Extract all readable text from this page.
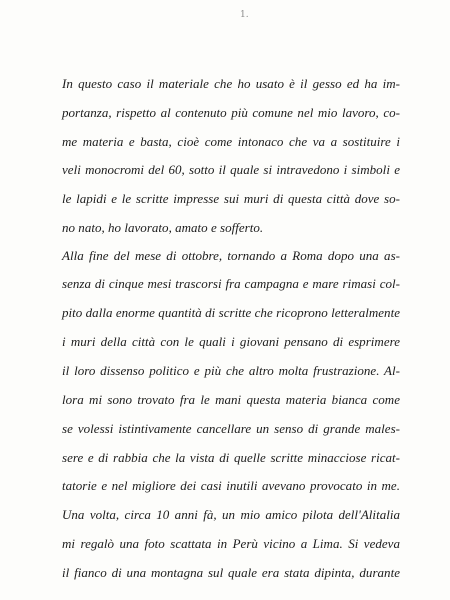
1.
In questo caso il materiale che ho usato è il gesso ed ha im-
portanza, rispetto al contenuto più comune nel mio lavoro, co-
me materia e basta, cioè come intonaco che va a sostituire i
veli monocromi del 60, sotto il quale si intravedono i simboli e
le lapidi e le scritte impresse sui muri di questa città dove so-
no nato, ho lavorato, amato e sofferto.
Alla fine del mese di ottobre, tornando a Roma dopo una as-
senza di cinque mesi trascorsi fra campagna e mare rimasi col-
pito dalla enorme quantità di scritte che ricoprono letteralmente
i muri della città con le quali i giovani pensano di esprimere
il loro dissenso politico e più che altro molta frustrazione. Al-
lora mi sono trovato fra le mani questa materia bianca come
se volessi istintivamente cancellare un senso di grande males-
sere e di rabbia che la vista di quelle scritte minacciose ricat-
tatorie e nel migliore dei casi inutili avevano provocato in me.
Una volta, circa 10 anni fà, un mio amico pilota dell'Alitalia
mi regalò una foto scattata in Perù vicino a Lima. Si vedeva
il fianco di una montagna sul quale era stata dipinta, durante
